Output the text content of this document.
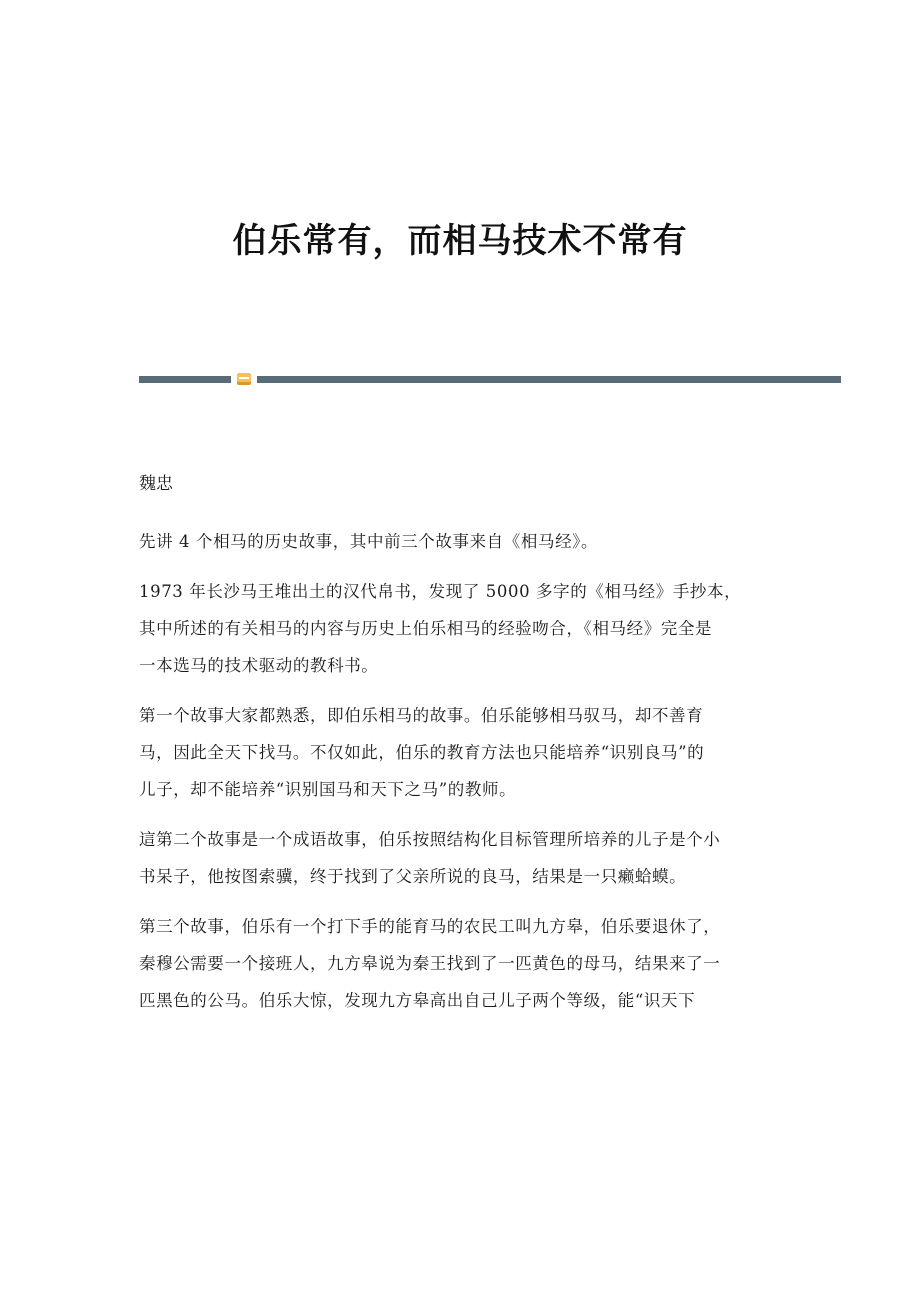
伯乐常有，而相马技术不常有
魏忠

先讲 4 个相马的历史故事，其中前三个故事来自《相马经》。

1973 年长沙马王堆出土的汉代帛书，发现了 5000 多字的《相马经》手抄本，
其中所述的有关相马的内容与历史上伯乐相马的经验吻合，《相马经》完全是
一本选马的技术驱动的教科书。

第一个故事大家都熟悉，即伯乐相马的故事。伯乐能够相马驭马，却不善育
马，因此全天下找马。不仅如此，伯乐的教育方法也只能培养“识别良马”的
儿子，却不能培养“识别国马和天下之马”的教师。

這第二个故事是一个成语故事，伯乐按照结构化目标管理所培养的儿子是个小
书呆子，他按图索骥，终于找到了父亲所说的良马，结果是一只癞蛤蟆。

第三个故事，伯乐有一个打下手的能育马的农民工叫九方皋，伯乐要退休了，
秦穆公需要一个接班人，九方皋说为秦王找到了一匹黄色的母马，结果来了一
匹黑色的公马。伯乐大惊，发现九方皋高出自己儿子两个等级，能“识天下
